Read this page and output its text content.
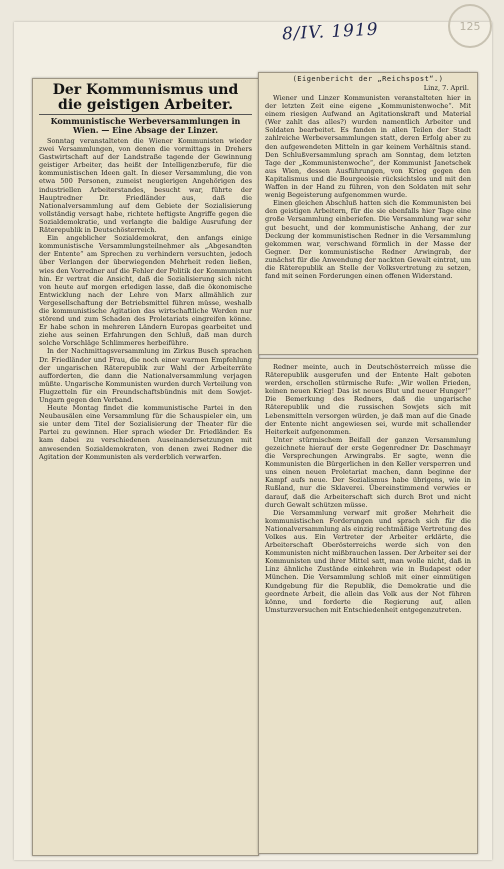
125
8/IV. 1919
Der Kommunismus und die geistigen Arbeiter.
Kommunistische Werbeversammlungen in Wien. — Eine Absage der Linzer.

Sonntag veranstalteten die Wiener Kommunisten wieder zwei Versammlungen, von denen die vormittags in Drehers Gastwirtschaft auf der Landstraße tagende der Gewinnung geistiger Arbeiter, das heißt der Intelligenzberufe, für die kommunistischen Ideen galt. In dieser Versammlung, die von etwa 500 Personen, zumeist neugierigen Angehörigen des industriellen Arbeiterstandes, besucht war, führte der Hauptredner Dr. Friedländer aus, daß die Nationalversammlung auf dem Gebiete der Sozialisierung vollständig versagt habe, richtete heftigste Angriffe gegen die Sozialdemokratie, und verlangte die baldige Ausrufung der Räterepublik in Deutschösterreich.

Ein angeblicher Sozialdemokrat, den anfangs einige kommunistische Versammlungsteilnehmer als „Abgesandten der Entente“ am Sprechen zu verhindern versuchten, jedoch über Verlangen der überwiegenden Mehrheit reden ließen, wies den Vorredner auf die Fehler der Politik der Kommunisten hin. Er vertrat die Ansicht, daß die Sozialisierung sich nicht von heute auf morgen erledigen lasse, daß die ökonomische Entwicklung nach der Lehre von Marx allmählich zur Vergesellschaftung der Betriebsmittel führen müsse, weshalb die kommunistische Agitation das wirtschaftliche Werden nur störend und zum Schaden des Proletariats eingreifen könne. Er habe schon in mehreren Ländern Europas gearbeitet und ziehe aus seinen Erfahrungen den Schluß, daß man durch solche Vorschläge Schlimmeres herbeiführe.

In der Nachmittagsversammlung im Zirkus Busch sprachen Dr. Friedländer und Frau, die noch einer warmen Empfehlung der ungarischen Räterepublik zur Wahl der Arbeiterräte aufforderten, die dann die Nationalversammlung verjagen müßte. Ungarische Kommunisten wurden durch Verteilung von Flugzetteln für ein Freundschaftsbündnis mit dem Sowjet-Ungarn gegen den Verband.

Heute Montag findet die kommunistische Partei in den Neubausälen eine Versammlung für die Schauspieler ein, um sie unter dem Titel der Sozialisierung der Theater für die Partei zu gewinnen. Hier sprach wieder Dr. Friedländer. Es kam dabei zu verschiedenen Auseinandersetzungen mit anwesenden Sozialdemokraten, von denen zwei Redner die Agitation der Kommunisten als verderblich verwarfen.

(Eigenbericht der „Reichspost“.)
Linz, 7. April.

Wiener und Linzer Kommunisten veranstalteten hier in der letzten Zeit eine eigene „Kommunistenwoche“. Mit einem riesigen Aufwand an Agitationskraft und Material (Wer zahlt das alles?) wurden namentlich Arbeiter und Soldaten bearbeitet. Es fanden in allen Teilen der Stadt zahlreiche Werbeversammlungen statt, deren Erfolg aber zu den aufgewendeten Mitteln in gar keinem Verhältnis stand. Den Schlußversammlung sprach am Sonntag, dem letzten Tage der „Kommunistenwoche“, der Kommunist Janetschek aus Wien, dessen Ausführungen, von Krieg gegen den Kapitalismus und die Bourgeoisie rücksichtslos und mit den Waffen in der Hand zu führen, von den Soldaten mit sehr wenig Begeisterung aufgenommen wurde.

Einen gleichen Abschluß hatten sich die Kommunisten bei den geistigen Arbeitern, für die sie ebenfalls hier Tage eine große Versammlung einberiefen. Die Versammlung war sehr gut besucht, und der kommunistische Anhang, der zur Deckung der kommunistischen Redner in die Versammlung gekommen war, verschwand förmlich in der Masse der Gegner. Der kommunistische Redner Arwingrab, der zunächst für die Anwendung der nackten Gewalt eintrat, um die Räterepublik an Stelle der Volksvertretung zu setzen, fand mit seinen Forderungen einen offenen Widerstand.

Redner meinte, auch in Deutschösterreich müsse die Räterepublik ausgerufen und der Entente Halt geboten werden, erschollen stürmische Rufe: „Wir wollen Frieden, keinen neuen Krieg! Das ist neues Blut und neuer Hunger!“ Die Bemerkung des Redners, daß die ungarische Räterepublik und die russischen Sowjets sich mit Lebensmitteln versorgen würden, je daß man auf die Gnade der Entente nicht angewiesen sei, wurde mit schallender Heiterkeit aufgenommen.

Unter stürmischem Beifall der ganzen Versammlung gezeichnete hierauf der erste Gegenredner Dr. Daschmayr die Versprechungen Arwingrabs. Er sagte, wenn die Kommunisten die Bürgerlichen in den Keller versperren und uns einen neuen Proletariat machen, dann beginne der Kampf aufs neue. Der Sozialismus habe übrigens, wie in Rußland, nur die Sklaverei. Übereinstimmend verwies er darauf, daß die Arbeiterschaft sich durch Brot und nicht durch Gewalt schützen müsse.

Die Versammlung verwarf mit großer Mehrheit die kommunistischen Forderungen und sprach sich für die Nationalversammlung als einzig rechtmäßige Vertretung des Volkes aus. Ein Vertreter der Arbeiter erklärte, die Arbeiterschaft Oberösterreichs werde sich von den Kommunisten nicht mißbrauchen lassen. Der Arbeiter sei der Kommunisten und ihrer Mittel satt, man wolle nicht, daß in Linz ähnliche Zustände einkehren wie in Budapest oder München. Die Versammlung schloß mit einer einmütigen Kundgebung für die Republik, die Demokratie und die geordnete Arbeit, die allein das Volk aus der Not führen könne, und forderte die Regierung auf, allen Umsturzversuchen mit Entschiedenheit entgegenzutreten.
